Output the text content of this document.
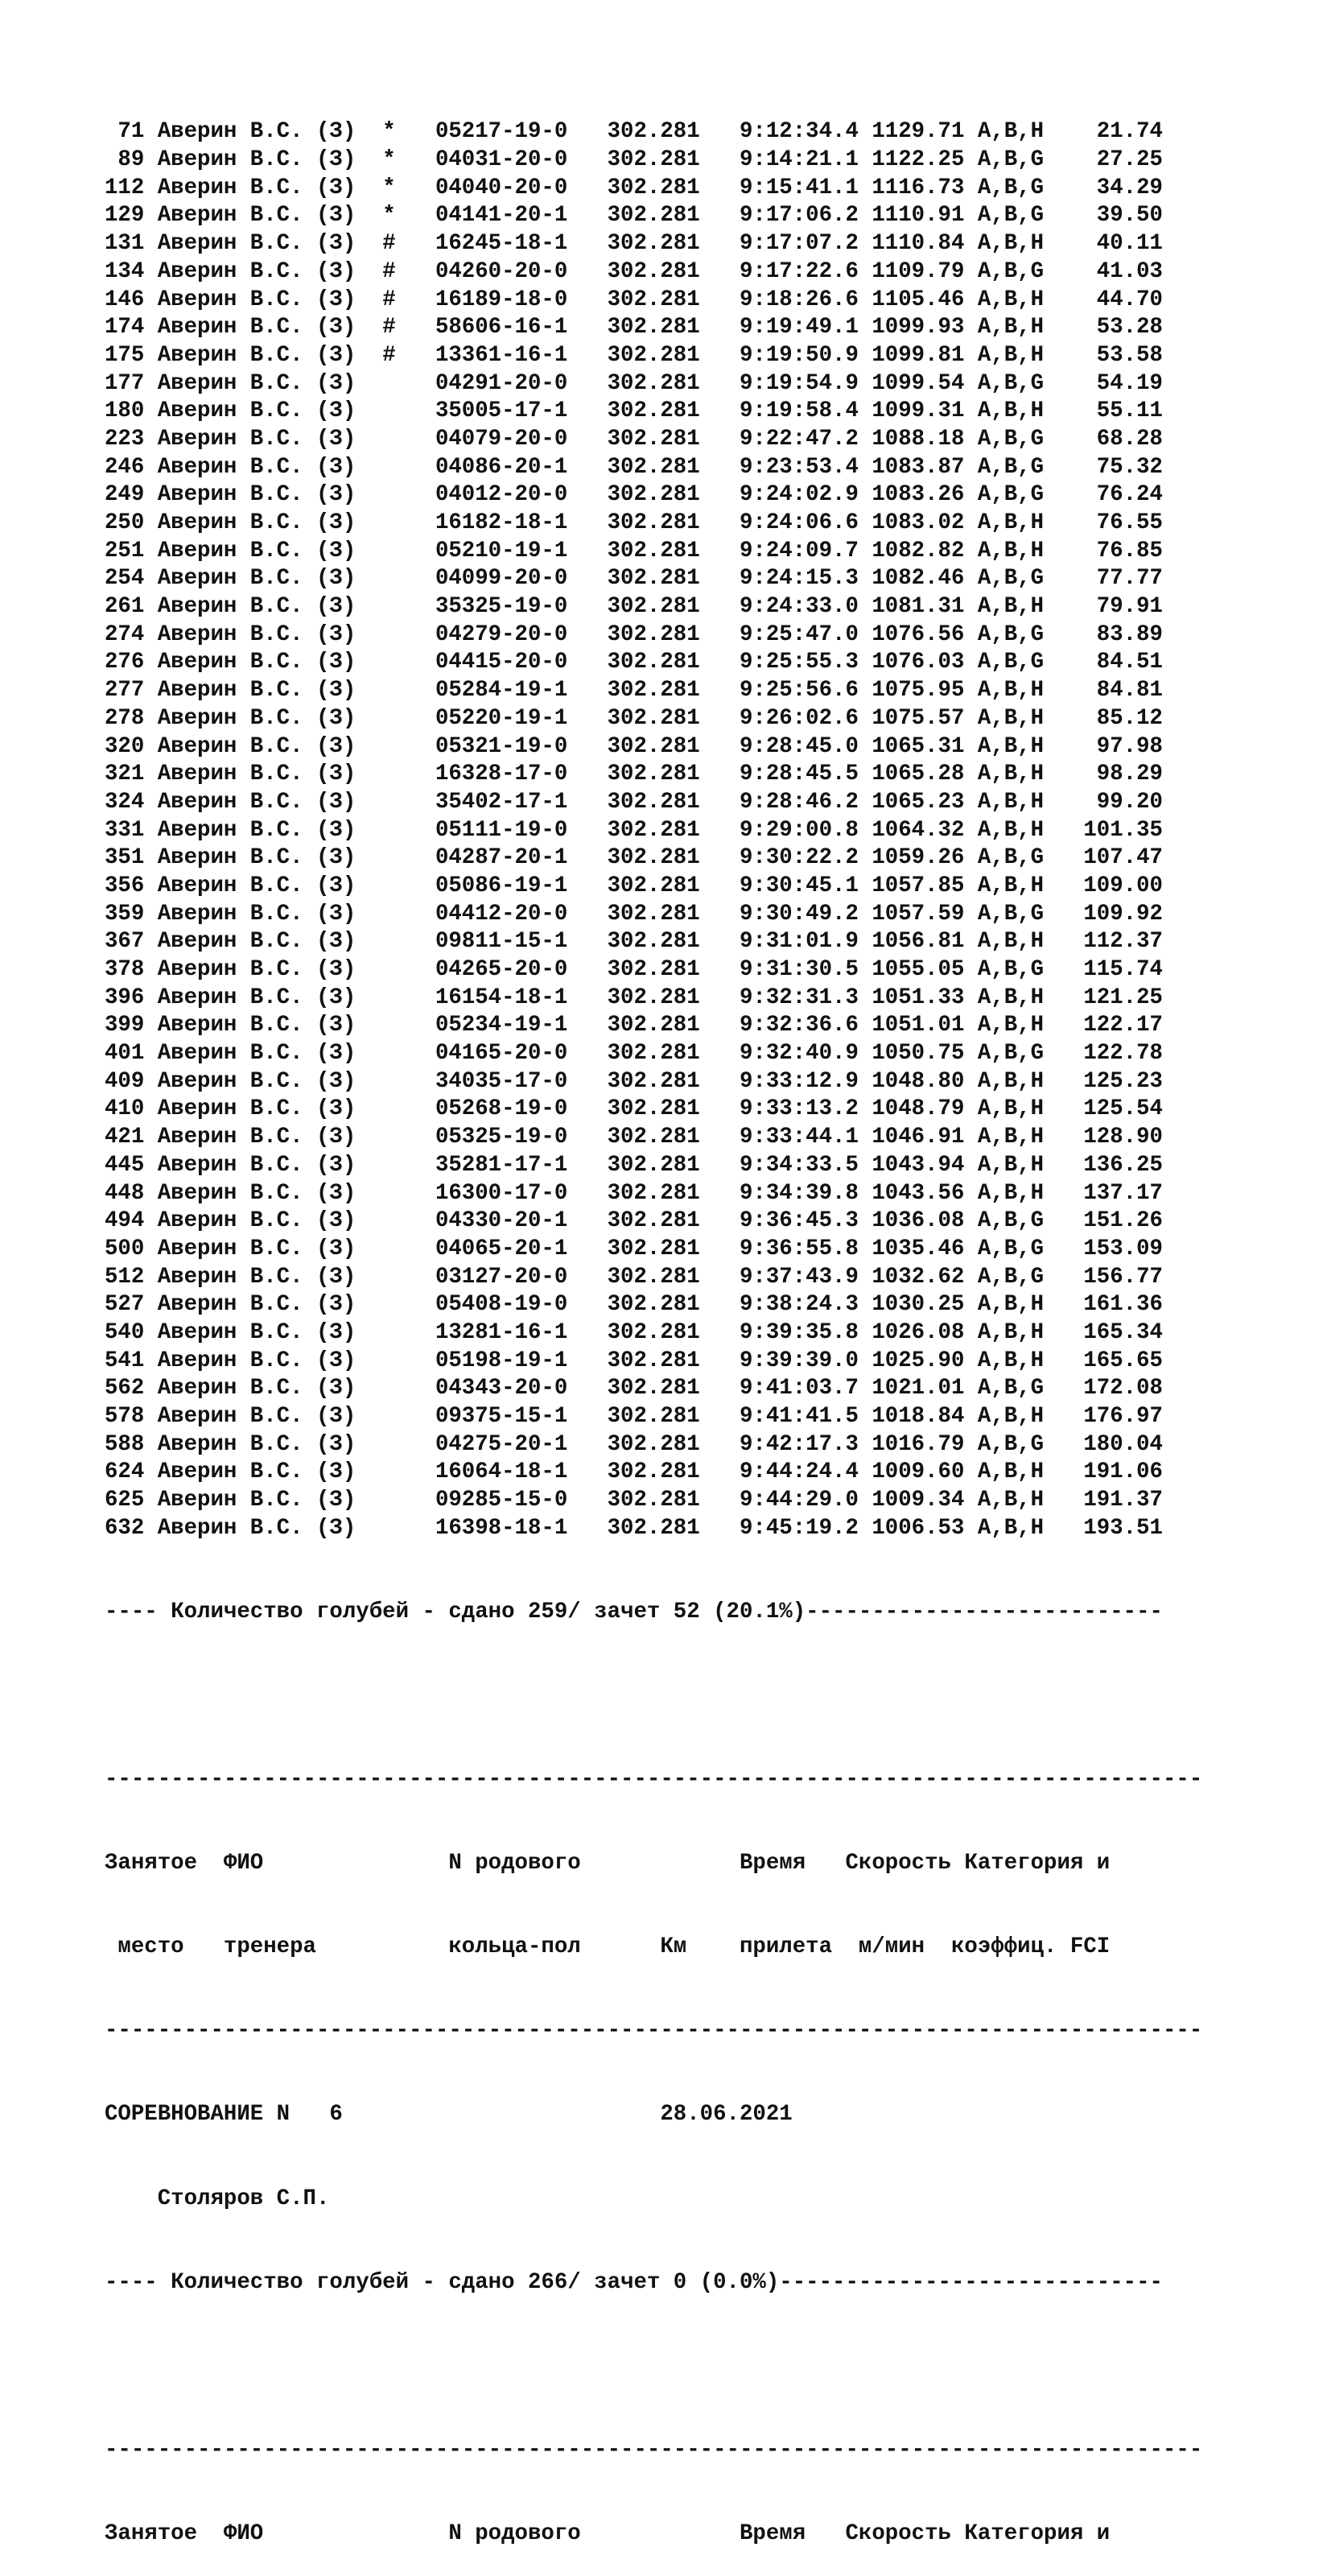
71 Аверин В.С. (З)  *   05217-19-0   302.281   9:12:34.4 1129.71 A,B,H    21.74
89 Аверин В.С. (З)  *   04031-20-0   302.281   9:14:21.1 1122.25 A,B,G    27.25
112 Аверин В.С. (З)  *   04040-20-0   302.281   9:15:41.1 1116.73 A,B,G    34.29
129 Аверин В.С. (З)  *   04141-20-1   302.281   9:17:06.2 1110.91 A,B,G    39.50
131 Аверин В.С. (З)  #   16245-18-1   302.281   9:17:07.2 1110.84 A,B,H    40.11
134 Аверин В.С. (З)  #   04260-20-0   302.281   9:17:22.6 1109.79 A,B,G    41.03
146 Аверин В.С. (З)  #   16189-18-0   302.281   9:18:26.6 1105.46 A,B,H    44.70
174 Аверин В.С. (З)  #   58606-16-1   302.281   9:19:49.1 1099.93 A,B,H    53.28
175 Аверин В.С. (З)  #   13361-16-1   302.281   9:19:50.9 1099.81 A,B,H    53.58
177 Аверин В.С. (З)      04291-20-0   302.281   9:19:54.9 1099.54 A,B,G    54.19
180 Аверин В.С. (З)      35005-17-1   302.281   9:19:58.4 1099.31 A,B,H    55.11
223 Аверин В.С. (З)      04079-20-0   302.281   9:22:47.2 1088.18 A,B,G    68.28
246 Аверин В.С. (З)      04086-20-1   302.281   9:23:53.4 1083.87 A,B,G    75.32
249 Аверин В.С. (З)      04012-20-0   302.281   9:24:02.9 1083.26 A,B,G    76.24
250 Аверин В.С. (З)      16182-18-1   302.281   9:24:06.6 1083.02 A,B,H    76.55
251 Аверин В.С. (З)      05210-19-1   302.281   9:24:09.7 1082.82 A,B,H    76.85
254 Аверин В.С. (З)      04099-20-0   302.281   9:24:15.3 1082.46 A,B,G    77.77
261 Аверин В.С. (З)      35325-19-0   302.281   9:24:33.0 1081.31 A,B,H    79.91
274 Аверин В.С. (З)      04279-20-0   302.281   9:25:47.0 1076.56 A,B,G    83.89
276 Аверин В.С. (З)      04415-20-0   302.281   9:25:55.3 1076.03 A,B,G    84.51
277 Аверин В.С. (З)      05284-19-1   302.281   9:25:56.6 1075.95 A,B,H    84.81
278 Аверин В.С. (З)      05220-19-1   302.281   9:26:02.6 1075.57 A,B,H    85.12
320 Аверин В.С. (З)      05321-19-0   302.281   9:28:45.0 1065.31 A,B,H    97.98
321 Аверин В.С. (З)      16328-17-0   302.281   9:28:45.5 1065.28 A,B,H    98.29
324 Аверин В.С. (З)      35402-17-1   302.281   9:28:46.2 1065.23 A,B,H    99.20
331 Аверин В.С. (З)      05111-19-0   302.281   9:29:00.8 1064.32 A,B,H   101.35
351 Аверин В.С. (З)      04287-20-1   302.281   9:30:22.2 1059.26 A,B,G   107.47
356 Аверин В.С. (З)      05086-19-1   302.281   9:30:45.1 1057.85 A,B,H   109.00
359 Аверин В.С. (З)      04412-20-0   302.281   9:30:49.2 1057.59 A,B,G   109.92
367 Аверин В.С. (З)      09811-15-1   302.281   9:31:01.9 1056.81 A,B,H   112.37
378 Аверин В.С. (З)      04265-20-0   302.281   9:31:30.5 1055.05 A,B,G   115.74
396 Аверин В.С. (З)      16154-18-1   302.281   9:32:31.3 1051.33 A,B,H   121.25
399 Аверин В.С. (З)      05234-19-1   302.281   9:32:36.6 1051.01 A,B,H   122.17
401 Аверин В.С. (З)      04165-20-0   302.281   9:32:40.9 1050.75 A,B,G   122.78
409 Аверин В.С. (З)      34035-17-0   302.281   9:33:12.9 1048.80 A,B,H   125.23
410 Аверин В.С. (З)      05268-19-0   302.281   9:33:13.2 1048.79 A,B,H   125.54
421 Аверин В.С. (З)      05325-19-0   302.281   9:33:44.1 1046.91 A,B,H   128.90
445 Аверин В.С. (З)      35281-17-1   302.281   9:34:33.5 1043.94 A,B,H   136.25
448 Аверин В.С. (З)      16300-17-0   302.281   9:34:39.8 1043.56 A,B,H   137.17
494 Аверин В.С. (З)      04330-20-1   302.281   9:36:45.3 1036.08 A,B,G   151.26
500 Аверин В.С. (З)      04065-20-1   302.281   9:36:55.8 1035.46 A,B,G   153.09
512 Аверин В.С. (З)      03127-20-0   302.281   9:37:43.9 1032.62 A,B,G   156.77
527 Аверин В.С. (З)      05408-19-0   302.281   9:38:24.3 1030.25 A,B,H   161.36
540 Аверин В.С. (З)      13281-16-1   302.281   9:39:35.8 1026.08 A,B,H   165.34
541 Аверин В.С. (З)      05198-19-1   302.281   9:39:39.0 1025.90 A,B,H   165.65
562 Аверин В.С. (З)      04343-20-0   302.281   9:41:03.7 1021.01 A,B,G   172.08
578 Аверин В.С. (З)      09375-15-1   302.281   9:41:41.5 1018.84 A,B,H   176.97
588 Аверин В.С. (З)      04275-20-1   302.281   9:42:17.3 1016.79 A,B,G   180.04
624 Аверин В.С. (З)      16064-18-1   302.281   9:44:24.4 1009.60 A,B,H   191.06
625 Аверин В.С. (З)      09285-15-0   302.281   9:44:29.0 1009.34 A,B,H   191.37
632 Аверин В.С. (З)      16398-18-1   302.281   9:45:19.2 1006.53 A,B,H   193.51

---- Количество голубей - сдано 259/ зачет 52 (20.1%)---------------------------

-----------------------------------------------------------------------------------

Занятое  ФИО              N родового            Время   Скорость Категория и

место   тренера          кольца-пол      Км    прилета  м/мин  коэффиц. FCI

-----------------------------------------------------------------------------------

СОРЕВНОВАНИЕ N   6                        28.06.2021

Столяров С.П.

---- Количество голубей - сдано 266/ зачет 0 (0.0%)-----------------------------

-----------------------------------------------------------------------------------

Занятое  ФИО              N родового            Время   Скорость Категория и
